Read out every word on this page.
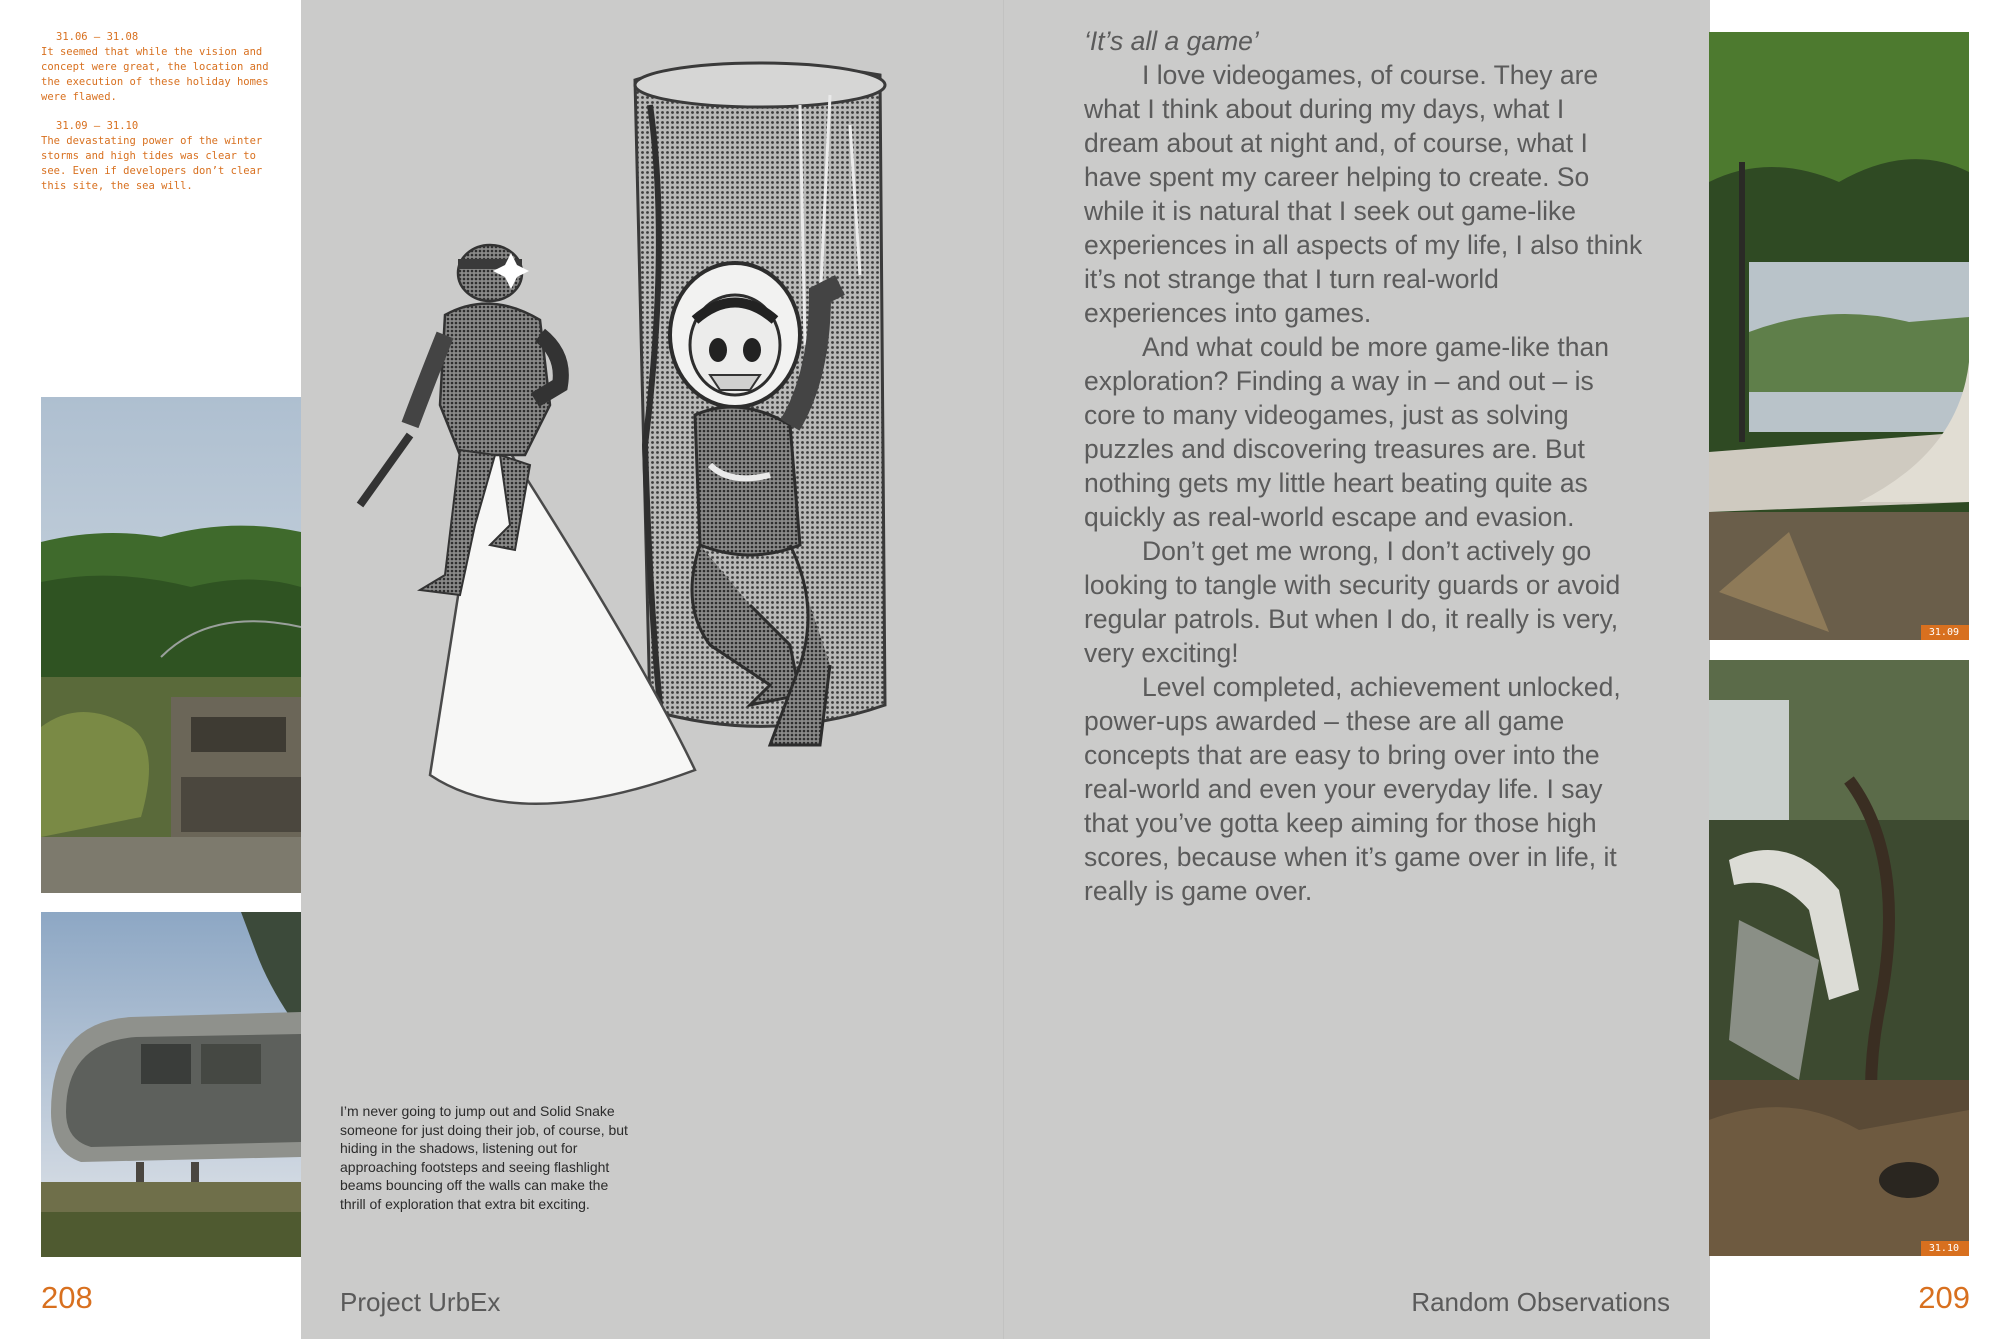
31.06 – 31.08
It seemed that while the vision and concept were great, the location and the execution of these holiday homes were flawed.

31.09 – 31.10
The devastating power of the winter storms and high tides was clear to see. Even if developers don’t clear this site, the sea will.

I’m never going to jump out and Solid Snake someone for just doing their job, of course, but hiding in the shadows, listening out for approaching footsteps and seeing flashlight beams bouncing off the walls can make the thrill of exploration that extra bit exciting.
‘It’s all a game’

I love videogames, of course. They are what I think about during my days, what I dream about at night and, of course, what I have spent my career helping to create. So while it is natural that I seek out game-like experiences in all aspects of my life, I also think it’s not strange that I turn real-world experiences into games.

And what could be more game-like than exploration? Finding a way in – and out – is core to many videogames, just as solving puzzles and discovering treasures are. But nothing gets my little heart beating quite as quickly as real-world escape and evasion.

Don’t get me wrong, I don’t actively go looking to tangle with security guards or avoid regular patrols. But when I do, it really is very, very exciting!

Level completed, achievement unlocked, power-ups awarded – these are all game concepts that are easy to bring over into the real-world and even your everyday life. I say that you’ve gotta keep aiming for those high scores, because when it’s game over in life, it really is game over.

31.09
31.10
208	Project UrbEx	Random Observations	209
